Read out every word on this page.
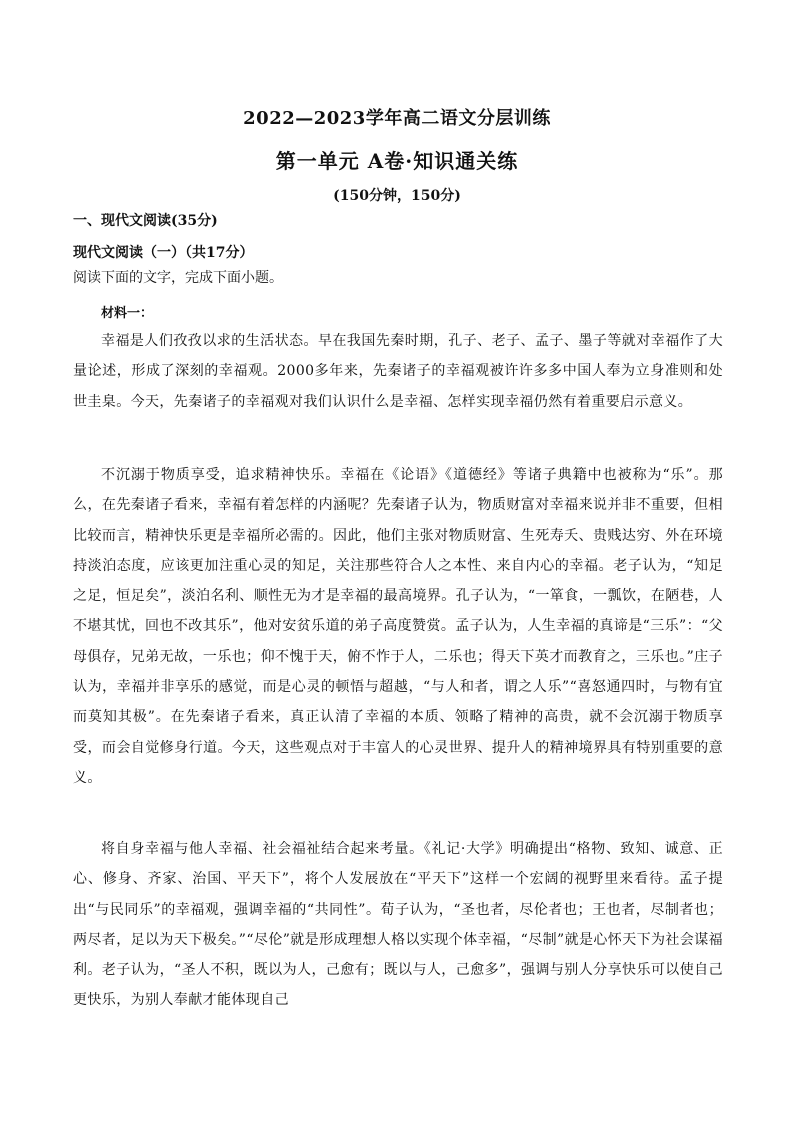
2022—2023学年高二语文分层训练
第一单元 A卷·知识通关练
(150分钟，150分)
一、现代文阅读(35分)
现代文阅读（一）（共17分）
阅读下面的文字，完成下面小题。
材料一：

幸福是人们孜孜以求的生活状态。早在我国先秦时期，孔子、老子、孟子、墨子等就对幸福作了大量论述，形成了深刻的幸福观。2000多年来，先秦诸子的幸福观被许许多多中国人奉为立身准则和处世圭臬。今天，先秦诸子的幸福观对我们认识什么是幸福、怎样实现幸福仍然有着重要启示意义。

不沉溺于物质享受，追求精神快乐。幸福在《论语》《道德经》等诸子典籍中也被称为“乐”。那么，在先秦诸子看来，幸福有着怎样的内涵呢？先秦诸子认为，物质财富对幸福来说并非不重要，但相比较而言，精神快乐更是幸福所必需的。因此，他们主张对物质财富、生死寿夭、贵贱达穷、外在环境持淡泊态度，应该更加注重心灵的知足，关注那些符合人之本性、来自内心的幸福。老子认为，“知足之足，恒足矣”，淡泊名利、顺性无为才是幸福的最高境界。孔子认为，“一箪食，一瓢饮，在陋巷，人不堪其忧，回也不改其乐”，他对安贫乐道的弟子高度赞赏。孟子认为，人生幸福的真谛是“三乐”：“父母俱存，兄弟无故，一乐也；仰不愧于天，俯不怍于人，二乐也；得天下英才而教育之，三乐也。”庄子认为，幸福并非享乐的感觉，而是心灵的顿悟与超越，“与人和者，谓之人乐”“喜怒通四时，与物有宜而莫知其极”。在先秦诸子看来，真正认清了幸福的本质、领略了精神的高贵，就不会沉溺于物质享受，而会自觉修身行道。今天，这些观点对于丰富人的心灵世界、提升人的精神境界具有特别重要的意义。

将自身幸福与他人幸福、社会福祉结合起来考量。《礼记·大学》明确提出“格物、致知、诚意、正心、修身、齐家、治国、平天下”，将个人发展放在“平天下”这样一个宏阔的视野里来看待。孟子提出“与民同乐”的幸福观，强调幸福的“共同性”。荀子认为，“圣也者，尽伦者也；王也者，尽制者也；两尽者，足以为天下极矣。”“尽伦”就是形成理想人格以实现个体幸福，“尽制”就是心怀天下为社会谋福利。老子认为，“圣人不积，既以为人，己愈有；既以与人，己愈多”，强调与别人分享快乐可以使自己更快乐，为别人奉献才能体现自己
